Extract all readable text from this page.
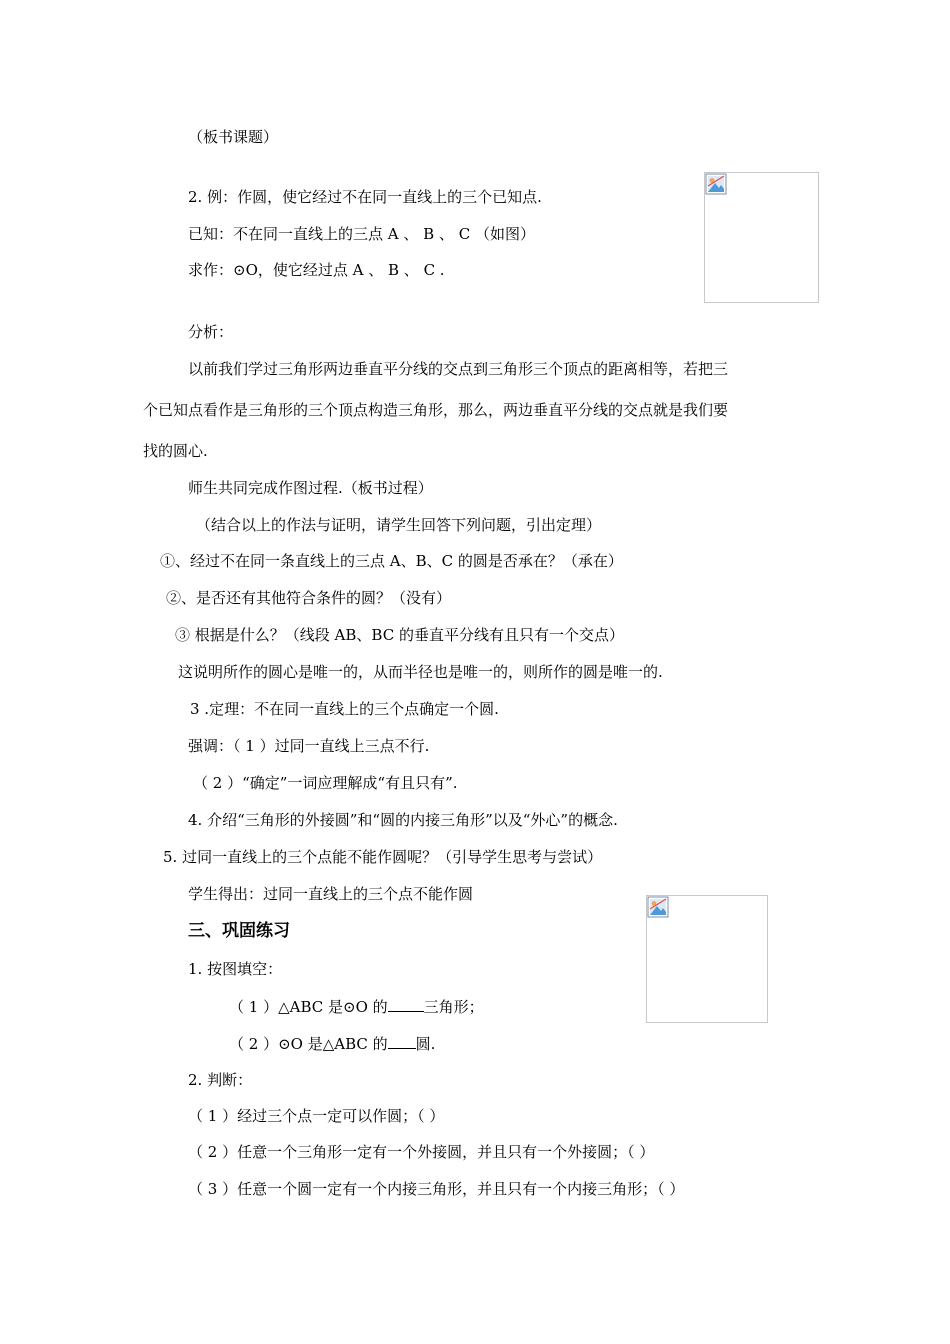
（板书课题）
2. 例：作圆，使它经过不在同一直线上的三个已知点.
已知：不在同一直线上的三点 A 、 B 、 C （如图）
求作：⊙O，使它经过点 A 、 B 、 C .
分析：
以前我们学过三角形两边垂直平分线的交点到三角形三个顶点的距离相等，若把三
个已知点看作是三角形的三个顶点构造三角形，那么，两边垂直平分线的交点就是我们要
找的圆心.
师生共同完成作图过程.（板书过程）
（结合以上的作法与证明，请学生回答下列问题，引出定理）
①、经过不在同一条直线上的三点 A、B、C 的圆是否承在？（承在）
②、是否还有其他符合条件的圆？（没有）
③ 根据是什么？（线段 AB、BC 的垂直平分线有且只有一个交点）
这说明所作的圆心是唯一的，从而半径也是唯一的，则所作的圆是唯一的.
3 .定理：不在同一直线上的三个点确定一个圆.
强调：（ 1 ）过同一直线上三点不行.
（ 2 ）“确定”一词应理解成“有且只有”.
4. 介绍“三角形的外接圆”和“圆的内接三角形”以及“外心”的概念.
5. 过同一直线上的三个点能不能作圆呢？（引导学生思考与尝试）
学生得出：过同一直线上的三个点不能作圆
三、巩固练习
1. 按图填空：
（ 1 ）△ABC 是⊙O 的 三角形；
（ 2 ）⊙O 是△ABC 的 圆.
2. 判断：
（ 1 ）经过三个点一定可以作圆；（ ）
（ 2 ）任意一个三角形一定有一个外接圆，并且只有一个外接圆；（ ）
（ 3 ）任意一个圆一定有一个内接三角形，并且只有一个内接三角形；（ ）
